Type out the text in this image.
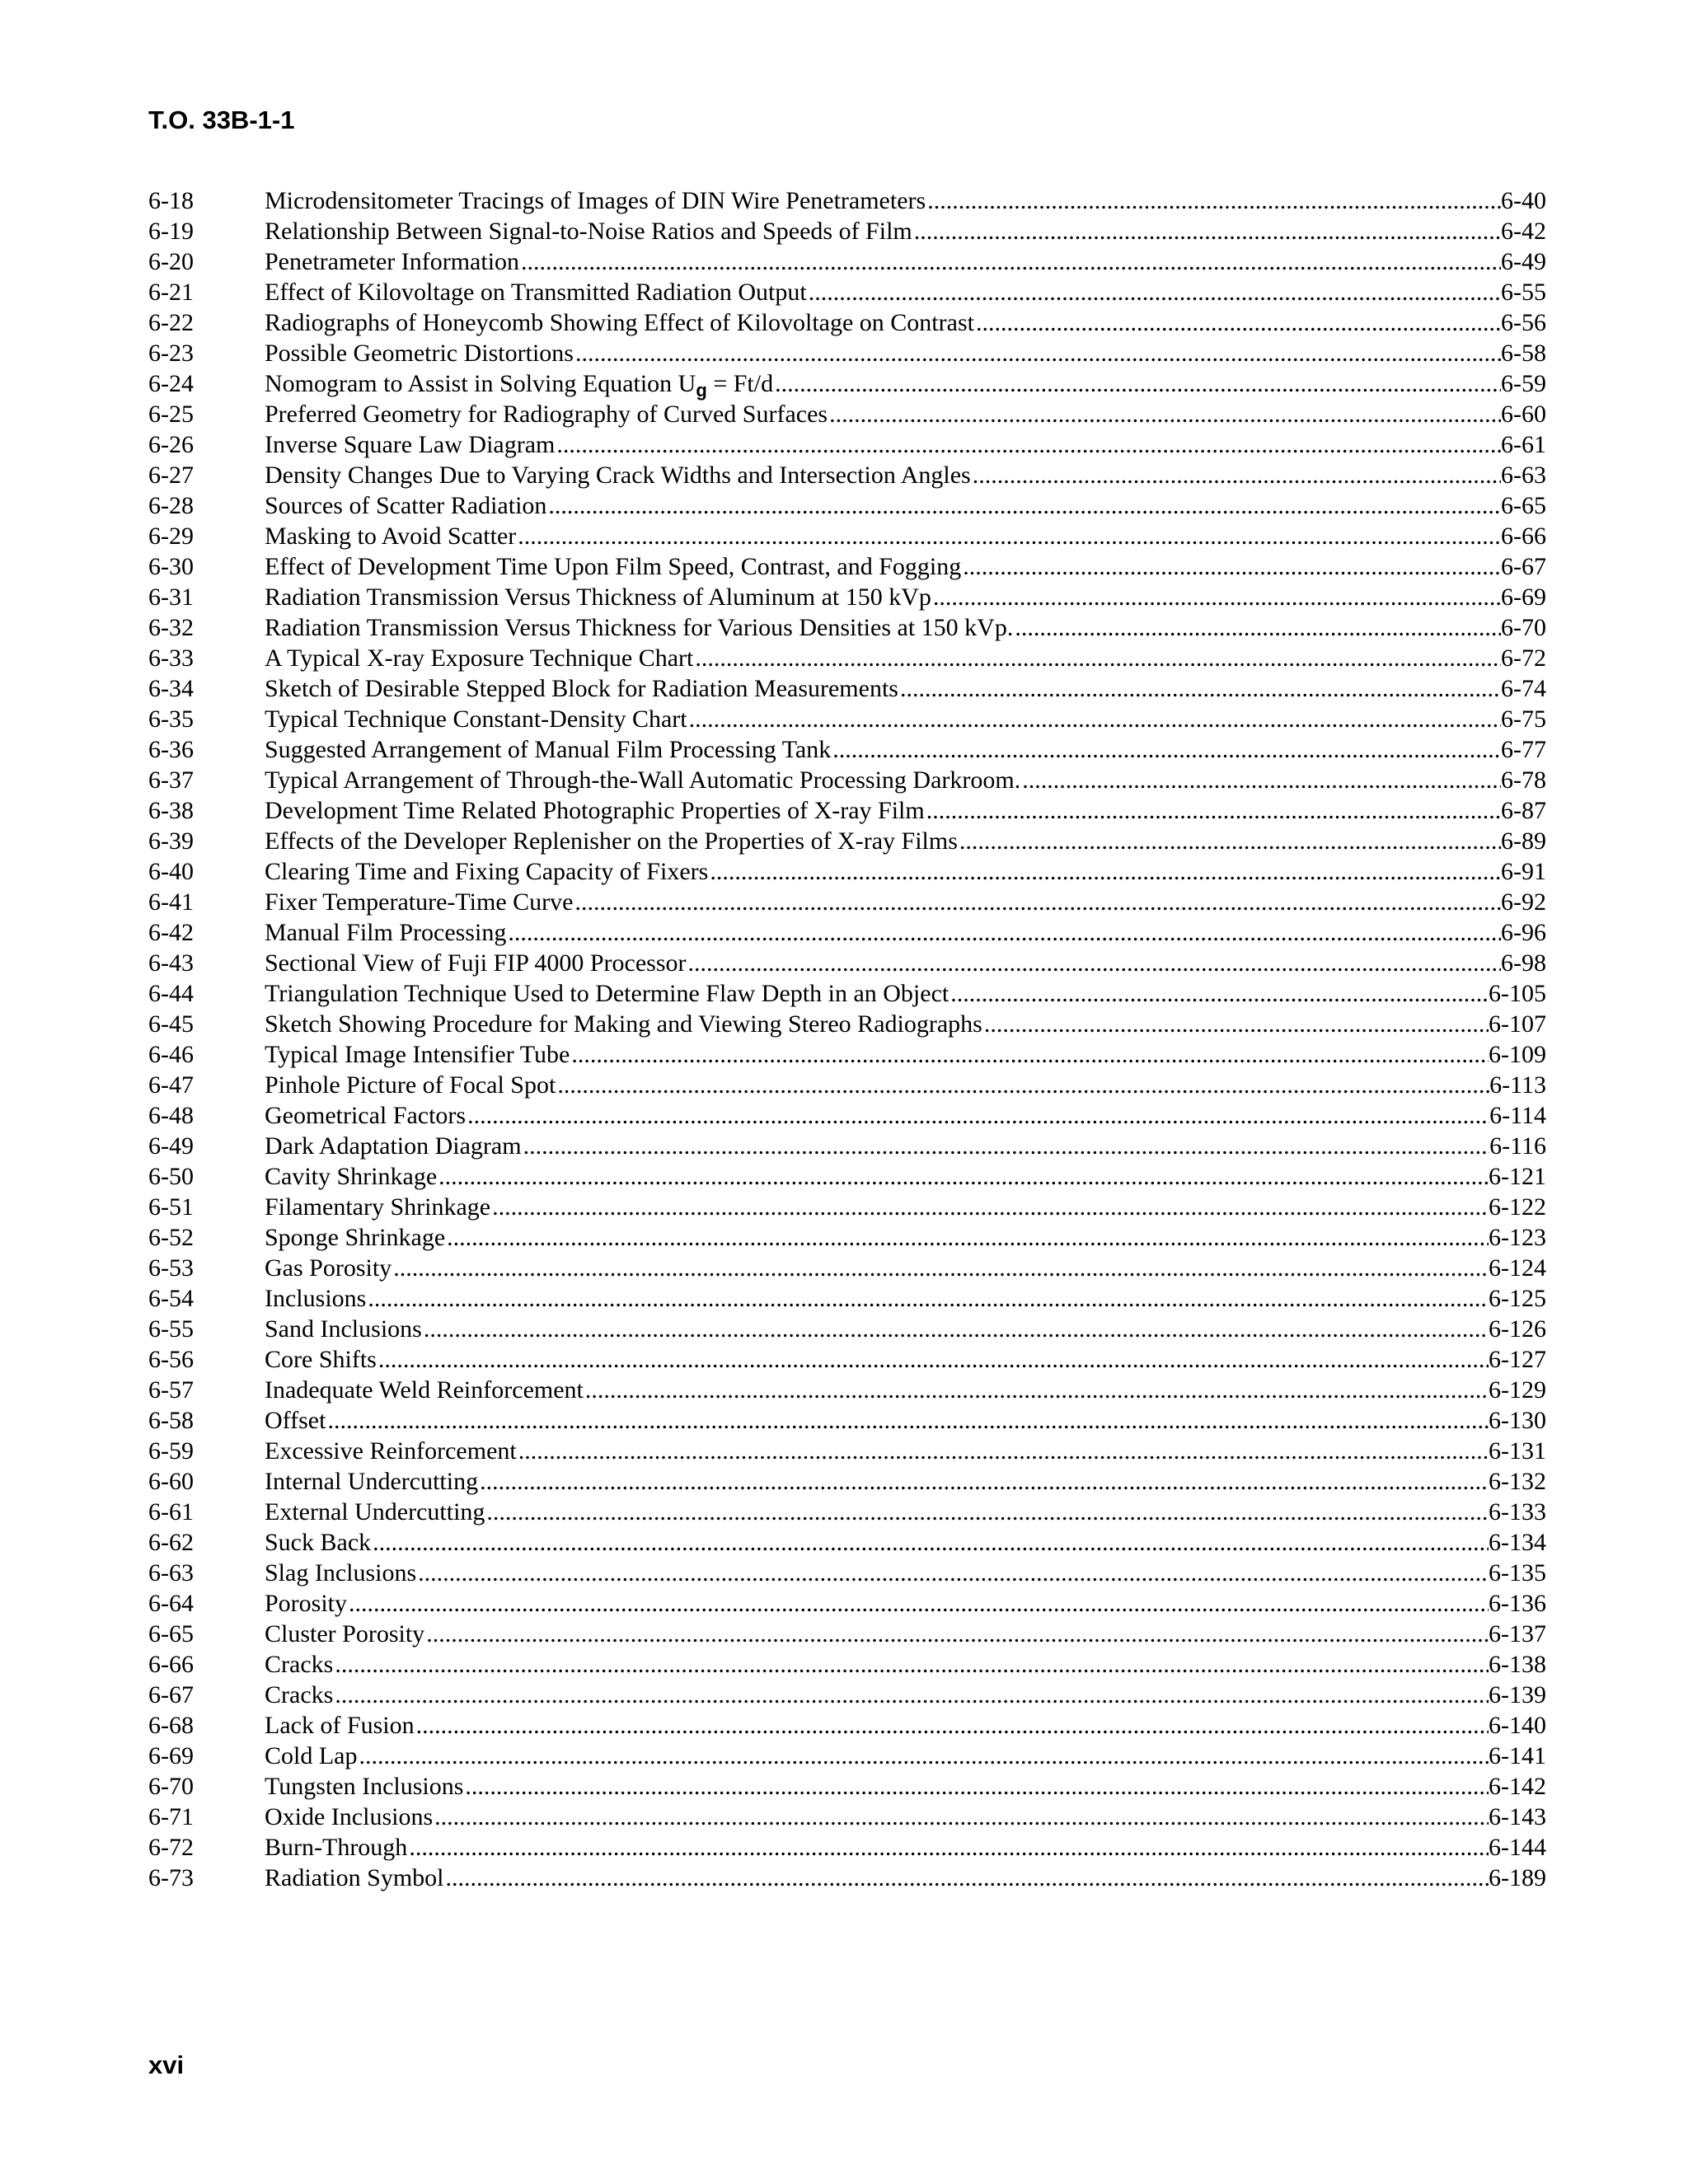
T.O. 33B-1-1
6-18	Microdensitometer Tracings of Images of DIN Wire Penetrameters .....	6-40
6-19	Relationship Between Signal-to-Noise Ratios and Speeds of Film .....	6-42
6-20	Penetrameter Information .....	6-49
6-21	Effect of Kilovoltage on Transmitted Radiation Output .....	6-55
6-22	Radiographs of Honeycomb Showing Effect of Kilovoltage on Contrast .....	6-56
6-23	Possible Geometric Distortions .....	6-58
6-24	Nomogram to Assist in Solving Equation $U_g = Ft/d$ .....	6-59
6-25	Preferred Geometry for Radiography of Curved Surfaces .....	6-60
6-26	Inverse Square Law Diagram .....	6-61
6-27	Density Changes Due to Varying Crack Widths and Intersection Angles .....	6-63
6-28	Sources of Scatter Radiation .....	6-65
6-29	Masking to Avoid Scatter .....	6-66
6-30	Effect of Development Time Upon Film Speed, Contrast, and Fogging .....	6-67
6-31	Radiation Transmission Versus Thickness of Aluminum at 150 kVp .....	6-69
6-32	Radiation Transmission Versus Thickness for Various Densities at 150 kVp. .....	6-70
6-33	A Typical X-ray Exposure Technique Chart .....	6-72
6-34	Sketch of Desirable Stepped Block for Radiation Measurements .....	6-74
6-35	Typical Technique Constant-Density Chart .....	6-75
6-36	Suggested Arrangement of Manual Film Processing Tank .....	6-77
6-37	Typical Arrangement of Through-the-Wall Automatic Processing Darkroom. .....	6-78
6-38	Development Time Related Photographic Properties of X-ray Film .....	6-87
6-39	Effects of the Developer Replenisher on the Properties of X-ray Films .....	6-89
6-40	Clearing Time and Fixing Capacity of Fixers .....	6-91
6-41	Fixer Temperature-Time Curve .....	6-92
6-42	Manual Film Processing .....	6-96
6-43	Sectional View of Fuji FIP 4000 Processor .....	6-98
6-44	Triangulation Technique Used to Determine Flaw Depth in an Object .....	6-105
6-45	Sketch Showing Procedure for Making and Viewing Stereo Radiographs .....	6-107
6-46	Typical Image Intensifier Tube .....	6-109
6-47	Pinhole Picture of Focal Spot .....	6-113
6-48	Geometrical Factors .....	6-114
6-49	Dark Adaptation Diagram .....	6-116
6-50	Cavity Shrinkage .....	6-121
6-51	Filamentary Shrinkage .....	6-122
6-52	Sponge Shrinkage .....	6-123
6-53	Gas Porosity .....	6-124
6-54	Inclusions .....	6-125
6-55	Sand Inclusions .....	6-126
6-56	Core Shifts .....	6-127
6-57	Inadequate Weld Reinforcement .....	6-129
6-58	Offset .....	6-130
6-59	Excessive Reinforcement .....	6-131
6-60	Internal Undercutting .....	6-132
6-61	External Undercutting .....	6-133
6-62	Suck Back .....	6-134
6-63	Slag Inclusions .....	6-135
6-64	Porosity .....	6-136
6-65	Cluster Porosity .....	6-137
6-66	Cracks .....	6-138
6-67	Cracks .....	6-139
6-68	Lack of Fusion .....	6-140
6-69	Cold Lap .....	6-141
6-70	Tungsten Inclusions .....	6-142
6-71	Oxide Inclusions .....	6-143
6-72	Burn-Through .....	6-144
6-73	Radiation Symbol .....	6-189
xvi
